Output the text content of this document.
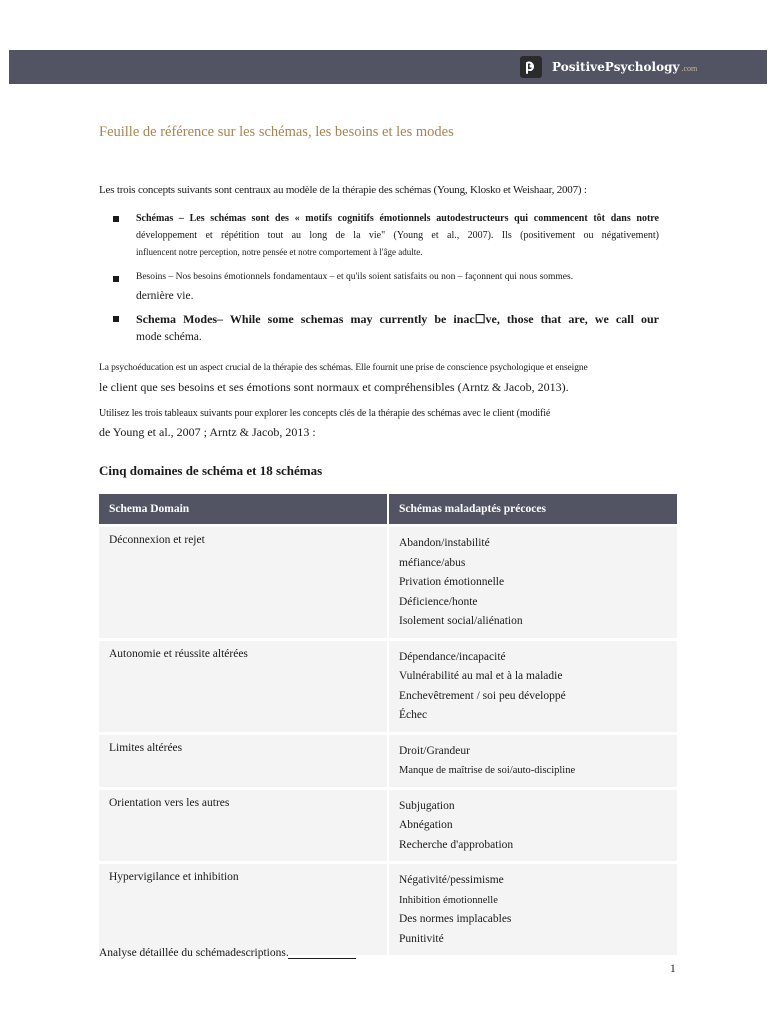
PositivePsychology .com
Feuille de référence sur les schémas, les besoins et les modes
Les trois concepts suivants sont centraux au modèle de la thérapie des schémas (Young, Klosko et Weishaar, 2007) :
Schémas – Les schémas sont des « motifs cognitifs émotionnels autodestructeurs qui commencent tôt dans notre
développement et répétition tout au long de la vie" (Young et al., 2007). Ils (positivement ou négativement)
influencent notre perception, notre pensée et notre comportement à l'âge adulte.
Besoins – Nos besoins émotionnels fondamentaux – et qu'ils soient satisfaits ou non – façonnent qui nous sommes.
dernière vie.
Schema Modes– While some schemas may currently be inac☐ve, those that are, we call our
mode schéma.
La psychoéducation est un aspect crucial de la thérapie des schémas. Elle fournit une prise de conscience psychologique et enseigne
le client que ses besoins et ses émotions sont normaux et compréhensibles (Arntz & Jacob, 2013).
Utilisez les trois tableaux suivants pour explorer les concepts clés de la thérapie des schémas avec le client (modifié
de Young et al., 2007 ; Arntz & Jacob, 2013 :
Cinq domaines de schéma et 18 schémas
Schema Domain	Schémas maladaptés précoces
Déconnexion et rejet	Abandon/instabilité
méfiance/abus
Privation émotionnelle
Déficience/honte
Isolement social/aliénation

Autonomie et réussite altérées	Dépendance/incapacité
Vulnérabilité au mal et à la maladie
Enchevêtrement / soi peu développé
Échec

Limites altérées	Droit/Grandeur
Manque de maîtrise de soi/auto-discipline

Orientation vers les autres	Subjugation
Abnégation
Recherche d'approbation

Hypervigilance et inhibition	Négativité/pessimisme
Inhibition émotionnelle
Des normes implacables
Punitivité
Analyse détaillée du schémadescriptions.
1
